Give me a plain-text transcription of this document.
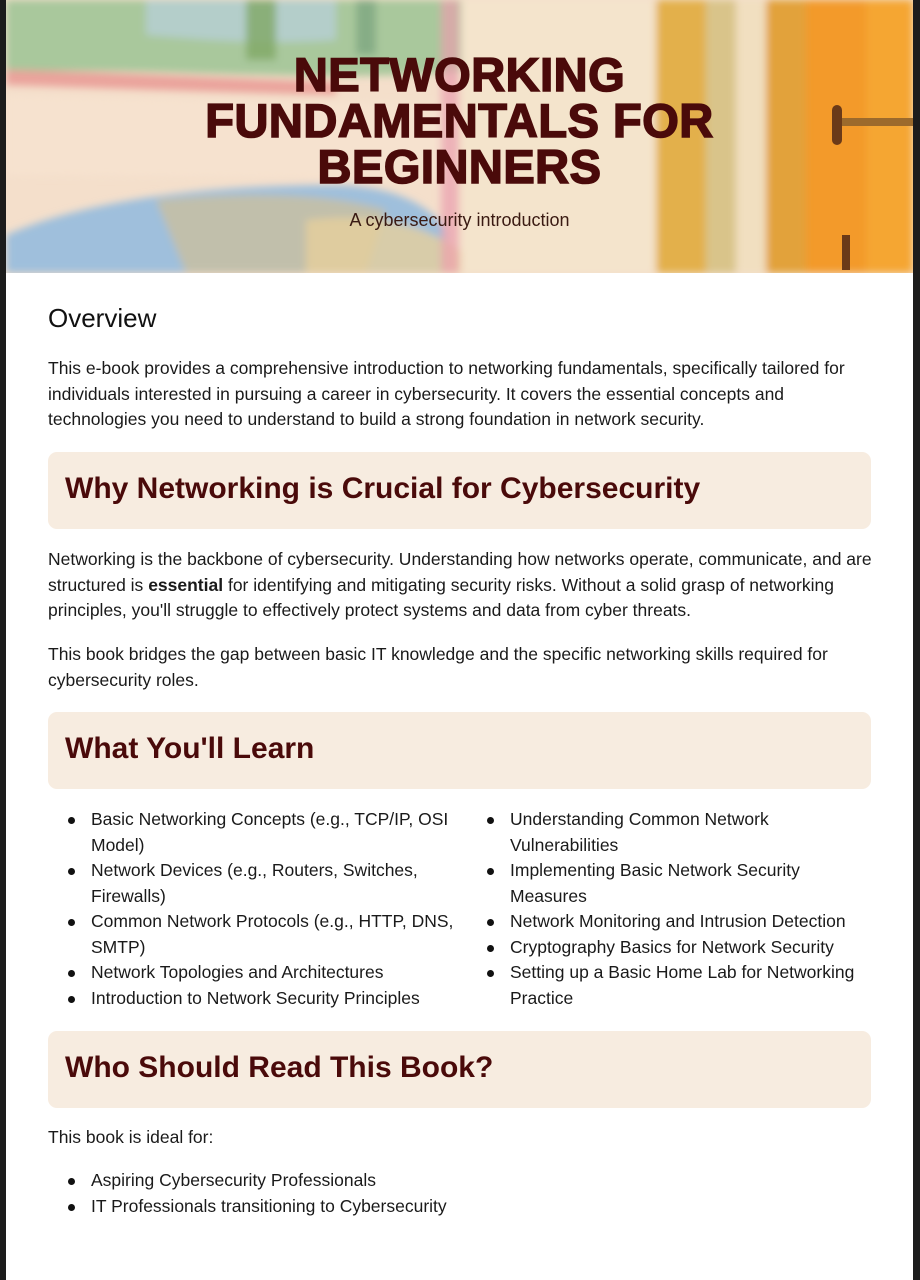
NETWORKING
FUNDAMENTALS FOR
BEGINNERS
A cybersecurity introduction
Overview

This e-book provides a comprehensive introduction to networking fundamentals, specifically tailored for individuals interested in pursuing a career in cybersecurity. It covers the essential concepts and technologies you need to understand to build a strong foundation in network security.

Why Networking is Crucial for Cybersecurity

Networking is the backbone of cybersecurity. Understanding how networks operate, communicate, and are structured is essential for identifying and mitigating security risks. Without a solid grasp of networking principles, you'll struggle to effectively protect systems and data from cyber threats.

This book bridges the gap between basic IT knowledge and the specific networking skills required for cybersecurity roles.

What You'll Learn
Basic Networking Concepts (e.g., TCP/IP, OSI Model)
Network Devices (e.g., Routers, Switches, Firewalls)
Common Network Protocols (e.g., HTTP, DNS, SMTP)
Network Topologies and Architectures
Introduction to Network Security Principles
Understanding Common Network Vulnerabilities
Implementing Basic Network Security Measures
Network Monitoring and Intrusion Detection
Cryptography Basics for Network Security
Setting up a Basic Home Lab for Networking Practice
Who Should Read This Book?

This book is ideal for:

Aspiring Cybersecurity Professionals
IT Professionals transitioning to Cybersecurity
